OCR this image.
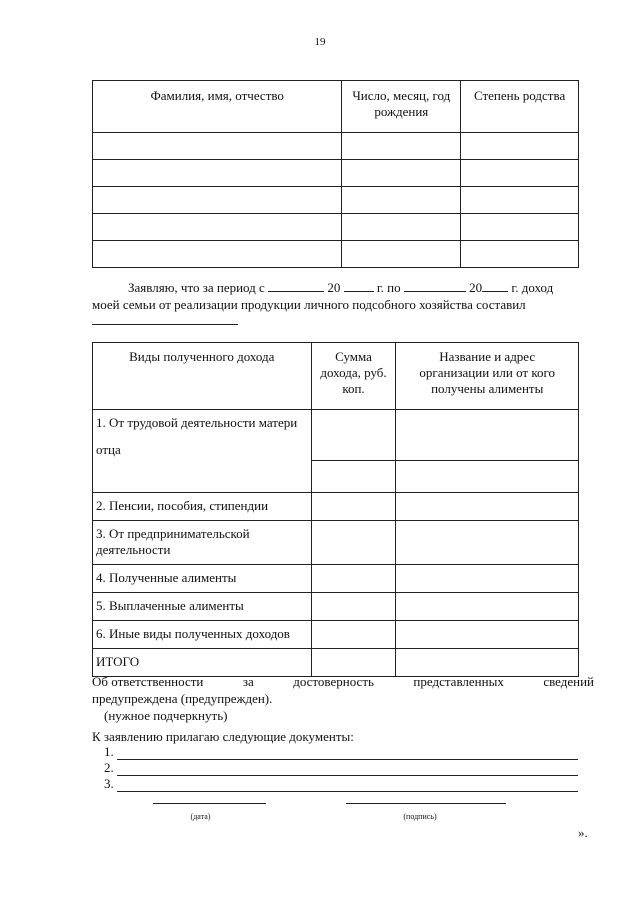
19
Фамилия, имя, отчество	Число, месяц, год рождения	Степень родства

Заявляю, что за период с	20	г. по	20 г. доход
моей семьи от реализации продукции личного подсобного хозяйства составил
Виды полученного дохода	Сумма дохода, руб. коп.	Название и адрес организации или от кого получены алименты

1. От трудовой деятельности матери
отца		

2. Пенсии, пособия, стипендии		
3. От предпринимательской деятельности		
4. Полученные алименты		
5. Выплаченные алименты		
6. Иные виды полученных доходов		
ИТОГО		
Об ответственности	за	достоверность	представленных	сведений
предупреждена (предупрежден).
(нужное подчеркнуть)
К заявлению прилагаю следующие документы:
1.
2.
3.
(дата)	(подпись)
».
